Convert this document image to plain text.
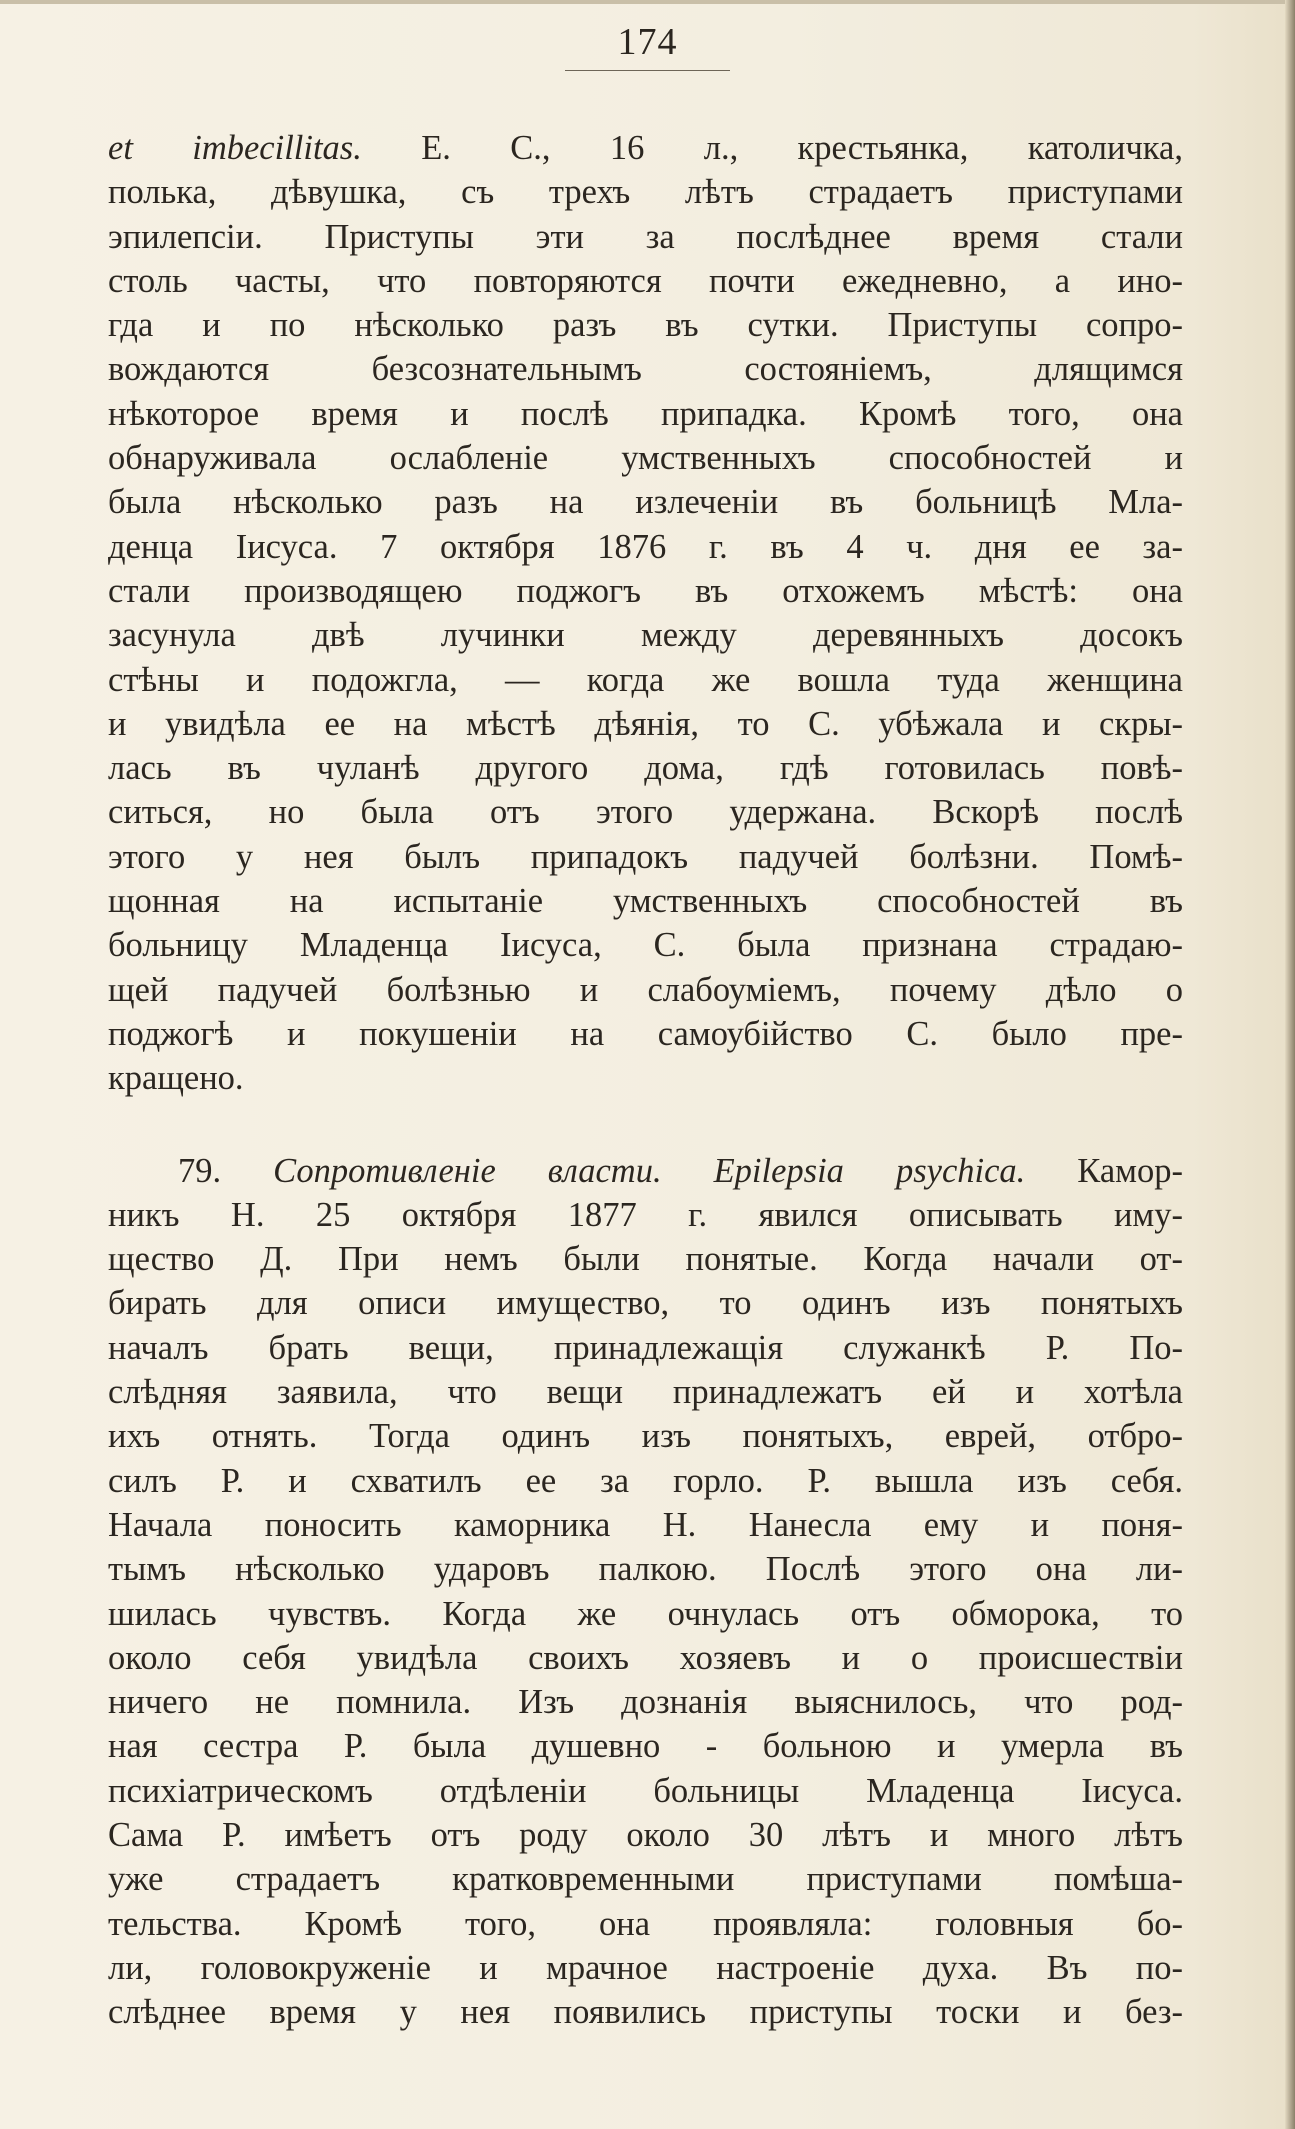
174
et imbecillitas. E. C., 16 л., крестьянка, католичка,
полька, дѣвушка, съ трехъ лѣтъ страдаетъ приступами
эпилепсіи. Приступы эти за послѣднее время стали
столь часты, что повторяются почти ежедневно, а ино-
гда и по нѣсколько разъ въ сутки. Приступы сопро-
вождаются безсознательнымъ состояніемъ, длящимся
нѣкоторое время и послѣ припадка. Кромѣ того, она
обнаруживала ослабленіе умственныхъ способностей и
была нѣсколько разъ на излеченіи въ больницѣ Мла-
денца Іисуса. 7 октября 1876 г. въ 4 ч. дня ее за-
стали производящею поджогъ въ отхожемъ мѣстѣ: она
засунула двѣ лучинки между деревянныхъ досокъ
стѣны и подожгла, — когда же вошла туда женщина
и увидѣла ее на мѣстѣ дѣянія, то С. убѣжала и скры-
лась въ чуланѣ другого дома, гдѣ готовилась повѣ-
ситься, но была отъ этого удержана. Вскорѣ послѣ
этого у нея былъ припадокъ падучей болѣзни. Помѣ-
щонная на испытаніе умственныхъ способностей въ
больницу Младенца Іисуса, С. была признана страдаю-
щей падучей болѣзнью и слабоуміемъ, почему дѣло о
поджогѣ и покушеніи на самоубійство С. было пре-
кращено.
79. Сопротивленіе власти. Epilepsia psychica. Камор-
никъ Н. 25 октября 1877 г. явился описывать иму-
щество Д. При немъ были понятые. Когда начали от-
бирать для описи имущество, то одинъ изъ понятыхъ
началъ брать вещи, принадлежащія служанкѣ Р. По-
слѣдняя заявила, что вещи принадлежатъ ей и хотѣла
ихъ отнять. Тогда одинъ изъ понятыхъ, еврей, отбро-
силъ Р. и схватилъ ее за горло. Р. вышла изъ себя.
Начала поносить каморника Н. Нанесла ему и поня-
тымъ нѣсколько ударовъ палкою. Послѣ этого она ли-
шилась чувствъ. Когда же очнулась отъ обморока, то
около себя увидѣла своихъ хозяевъ и о происшествіи
ничего не помнила. Изъ дознанія выяснилось, что род-
ная сестра Р. была душевно - больною и умерла въ
психіатрическомъ отдѣленіи больницы Младенца Іисуса.
Сама Р. имѣетъ отъ роду около 30 лѣтъ и много лѣтъ
уже страдаетъ кратковременными приступами помѣша-
тельства. Кромѣ того, она проявляла: головныя бо-
ли, головокруженіе и мрачное настроеніе духа. Въ по-
слѣднее время у нея появились приступы тоски и без-
